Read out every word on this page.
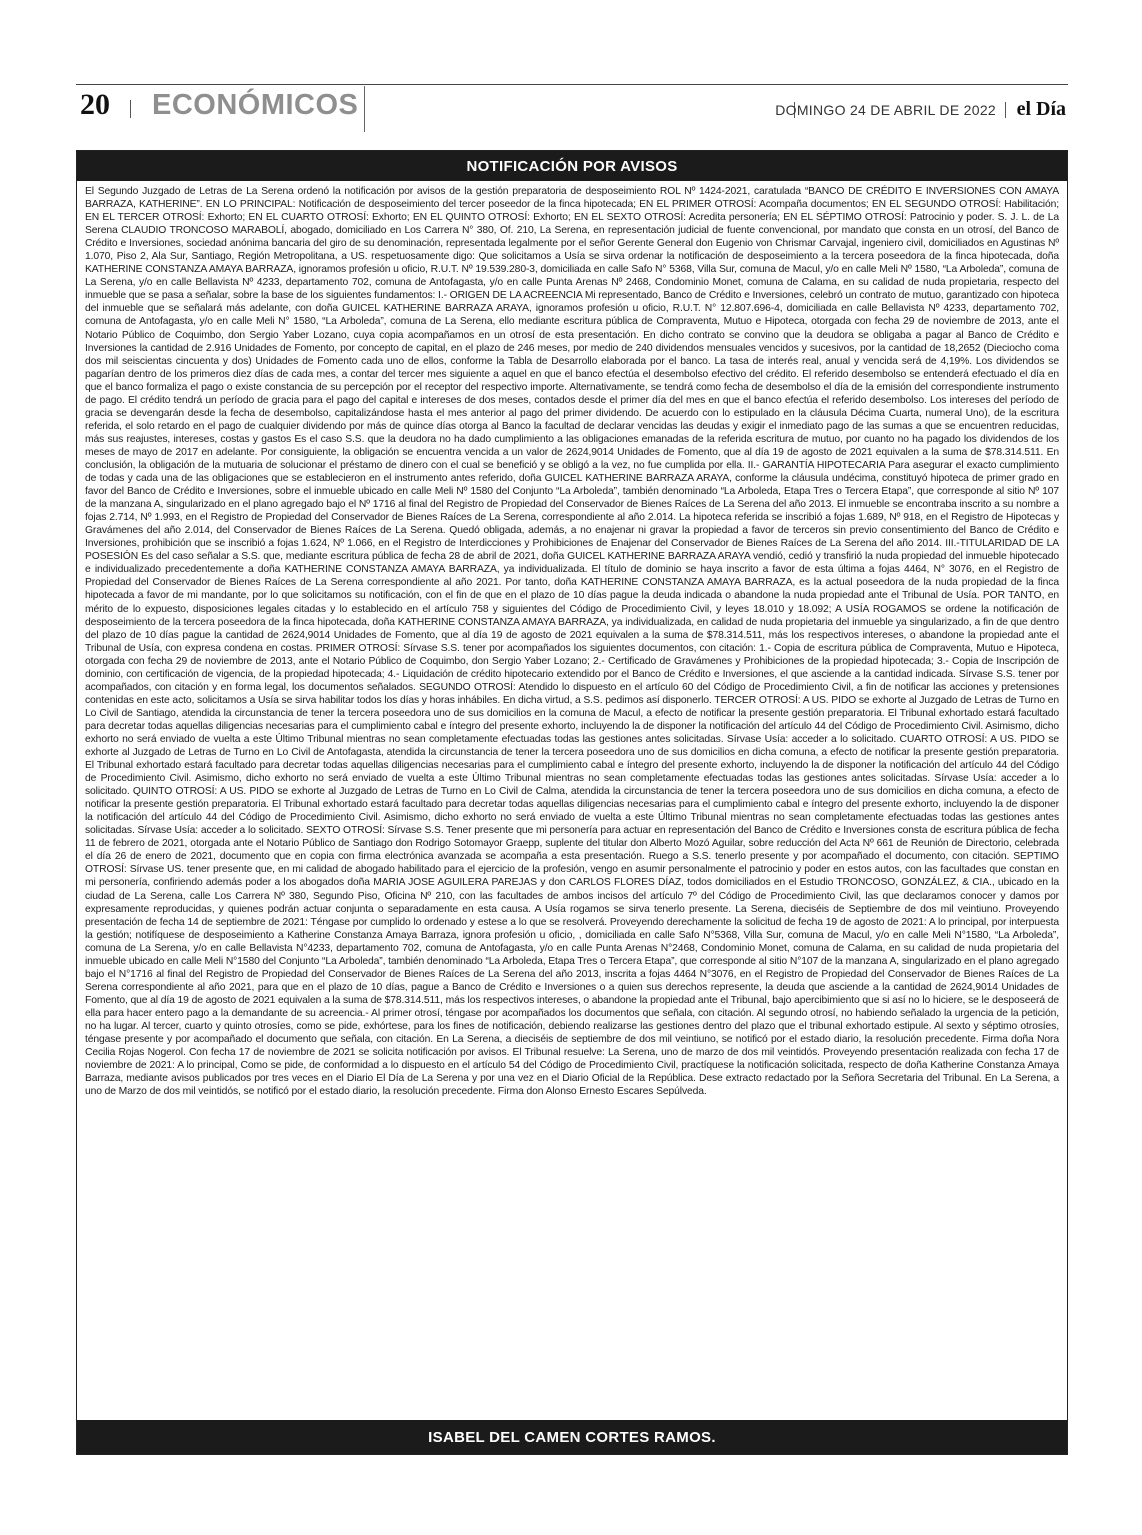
20 ECONÓMICOS	DOMINGO 24 DE ABRIL DE 2022 el Día
NOTIFICACIÓN POR AVISOS
El Segundo Juzgado de Letras de La Serena ordenó la notificación por avisos de la gestión preparatoria de desposeimiento ROL Nº 1424-2021, caratulada “BANCO DE CRÉDITO E INVERSIONES CON AMAYA BARRAZA, KATHERINE”. EN LO PRINCIPAL: Notificación de desposeimiento del tercer poseedor de la finca hipotecada; EN EL PRIMER OTROSÍ: Acompaña documentos; EN EL SEGUNDO OTROSÍ: Habilitación; EN EL TERCER OTROSÍ: Exhorto; EN EL CUARTO OTROSÍ: Exhorto; EN EL QUINTO OTROSÍ: Exhorto; EN EL SEXTO OTROSÍ: Acredita personería; EN EL SÉPTIMO OTROSÍ: Patrocinio y poder. S. J. L. de La Serena CLAUDIO TRONCOSO MARABOLÍ, abogado, domiciliado en Los Carrera N° 380, Of. 210, La Serena, en representación judicial de fuente convencional, por mandato que consta en un otrosí, del Banco de Crédito e Inversiones, sociedad anónima bancaria del giro de su denominación, representada legalmente por el señor Gerente General don Eugenio von Chrismar Carvajal, ingeniero civil, domiciliados en Agustinas Nº 1.070, Piso 2, Ala Sur, Santiago, Región Metropolitana, a US. respetuosamente digo: Que solicitamos a Usía se sirva ordenar la notificación de desposeimiento a la tercera poseedora de la finca hipotecada, doña KATHERINE CONSTANZA AMAYA BARRAZA, ignoramos profesión u oficio, R.U.T. Nº 19.539.280-3, domiciliada en calle Safo N° 5368, Villa Sur, comuna de Macul, y/o en calle Meli Nº 1580, “La Arboleda”, comuna de La Serena, y/o en calle Bellavista Nº 4233, departamento 702, comuna de Antofagasta, y/o en calle Punta Arenas Nº 2468, Condominio Monet, comuna de Calama, en su calidad de nuda propietaria, respecto del inmueble que se pasa a señalar, sobre la base de los siguientes fundamentos: I.- ORIGEN DE LA ACREENCIA Mi representado, Banco de Crédito e Inversiones, celebró un contrato de mutuo, garantizado con hipoteca del inmueble que se señalará más adelante, con doña GUICEL KATHERINE BARRAZA ARAYA, ignoramos profesión u oficio, R.U.T. N° 12.807.696-4, domiciliada en calle Bellavista Nº 4233, departamento 702, comuna de Antofagasta, y/o en calle Meli N° 1580, “La Arboleda”, comuna de La Serena, ello mediante escritura pública de Compraventa, Mutuo e Hipoteca, otorgada con fecha 29 de noviembre de 2013, ante el Notario Público de Coquimbo, don Sergio Yaber Lozano, cuya copia acompañamos en un otrosí de esta presentación. En dicho contrato se convino que la deudora se obligaba a pagar al Banco de Crédito e Inversiones la cantidad de 2.916 Unidades de Fomento, por concepto de capital, en el plazo de 246 meses, por medio de 240 dividendos mensuales vencidos y sucesivos, por la cantidad de 18,2652 (Dieciocho coma dos mil seiscientas cincuenta y dos) Unidades de Fomento cada uno de ellos, conforme la Tabla de Desarrollo elaborada por el banco. La tasa de interés real, anual y vencida será de 4,19%. Los dividendos se pagarían dentro de los primeros diez días de cada mes, a contar del tercer mes siguiente a aquel en que el banco efectúa el desembolso efectivo del crédito. El referido desembolso se entenderá efectuado el día en que el banco formaliza el pago o existe constancia de su percepción por el receptor del respectivo importe. Alternativamente, se tendrá como fecha de desembolso el día de la emisión del correspondiente instrumento de pago. El crédito tendrá un período de gracia para el pago del capital e intereses de dos meses, contados desde el primer día del mes en que el banco efectúa el referido desembolso. Los intereses del período de gracia se devengarán desde la fecha de desembolso, capitalizándose hasta el mes anterior al pago del primer dividendo. De acuerdo con lo estipulado en la cláusula Décima Cuarta, numeral Uno), de la escritura referida, el solo retardo en el pago de cualquier dividendo por más de quince días otorga al Banco la facultad de declarar vencidas las deudas y exigir el inmediato pago de las sumas a que se encuentren reducidas, más sus reajustes, intereses, costas y gastos Es el caso S.S. que la deudora no ha dado cumplimiento a las obligaciones emanadas de la referida escritura de mutuo, por cuanto no ha pagado los dividendos de los meses de mayo de 2017 en adelante. Por consiguiente, la obligación se encuentra vencida a un valor de 2624,9014 Unidades de Fomento, que al día 19 de agosto de 2021 equivalen a la suma de $78.314.511. En conclusión, la obligación de la mutuaria de solucionar el préstamo de dinero con el cual se benefició y se obligó a la vez, no fue cumplida por ella. II.- GARANTÍA HIPOTECARIA Para asegurar el exacto cumplimiento de todas y cada una de las obligaciones que se establecieron en el instrumento antes referido, doña GUICEL KATHERINE BARRAZA ARAYA, conforme la cláusula undécima, constituyó hipoteca de primer grado en favor del Banco de Crédito e Inversiones, sobre el inmueble ubicado en calle Meli Nº 1580 del Conjunto “La Arboleda”, también denominado “La Arboleda, Etapa Tres o Tercera Etapa”, que corresponde al sitio Nº 107 de la manzana A, singularizado en el plano agregado bajo el Nº 1716 al final del Registro de Propiedad del Conservador de Bienes Raíces de La Serena del año 2013. El inmueble se encontraba inscrito a su nombre a fojas 2.714, Nº 1.993, en el Registro de Propiedad del Conservador de Bienes Raíces de La Serena, correspondiente al año 2.014. La hipoteca referida se inscribió a fojas 1.689, Nº 918, en el Registro de Hipotecas y Gravámenes del año 2.014, del Conservador de Bienes Raíces de La Serena. Quedó obligada, además, a no enajenar ni gravar la propiedad a favor de terceros sin previo consentimiento del Banco de Crédito e Inversiones, prohibición que se inscribió a fojas 1.624, Nº 1.066, en el Registro de Interdicciones y Prohibiciones de Enajenar del Conservador de Bienes Raíces de La Serena del año 2014. III.-TITULARIDAD DE LA POSESIÓN Es del caso señalar a S.S. que, mediante escritura pública de fecha 28 de abril de 2021, doña GUICEL KATHERINE BARRAZA ARAYA vendió, cedió y transfirió la nuda propiedad del inmueble hipotecado e individualizado precedentemente a doña KATHERINE CONSTANZA AMAYA BARRAZA, ya individualizada. El título de dominio se haya inscrito a favor de esta última a fojas 4464, N° 3076, en el Registro de Propiedad del Conservador de Bienes Raíces de La Serena correspondiente al año 2021. Por tanto, doña KATHERINE CONSTANZA AMAYA BARRAZA, es la actual poseedora de la nuda propiedad de la finca hipotecada a favor de mi mandante, por lo que solicitamos su notificación, con el fin de que en el plazo de 10 días pague la deuda indicada o abandone la nuda propiedad ante el Tribunal de Usía. POR TANTO, en mérito de lo expuesto, disposiciones legales citadas y lo establecido en el artículo 758 y siguientes del Código de Procedimiento Civil, y leyes 18.010 y 18.092; A USÍA ROGAMOS se ordene la notificación de desposeimiento de la tercera poseedora de la finca hipotecada, doña KATHERINE CONSTANZA AMAYA BARRAZA, ya individualizada, en calidad de nuda propietaria del inmueble ya singularizado, a fin de que dentro del plazo de 10 días pague la cantidad de 2624,9014 Unidades de Fomento, que al día 19 de agosto de 2021 equivalen a la suma de $78.314.511, más los respectivos intereses, o abandone la propiedad ante el Tribunal de Usía, con expresa condena en costas. PRIMER OTROSÍ: Sírvase S.S. tener por acompañados los siguientes documentos, con citación: 1.- Copia de escritura pública de Compraventa, Mutuo e Hipoteca, otorgada con fecha 29 de noviembre de 2013, ante el Notario Público de Coquimbo, don Sergio Yaber Lozano; 2.- Certificado de Gravámenes y Prohibiciones de la propiedad hipotecada; 3.- Copia de Inscripción de dominio, con certificación de vigencia, de la propiedad hipotecada; 4.- Liquidación de crédito hipotecario extendido por el Banco de Crédito e Inversiones, el que asciende a la cantidad indicada. Sírvase S.S. tener por acompañados, con citación y en forma legal, los documentos señalados. SEGUNDO OTROSÍ: Atendido lo dispuesto en el artículo 60 del Código de Procedimiento Civil, a fin de notificar las acciones y pretensiones contenidas en este acto, solicitamos a Usía se sirva habilitar todos los días y horas inhábiles. En dicha virtud, a S.S. pedimos así disponerlo. TERCER OTROSÍ: A US. PIDO se exhorte al Juzgado de Letras de Turno en Lo Civil de Santiago, atendida la circunstancia de tener la tercera poseedora uno de sus domicilios en la comuna de Macul, a efecto de notificar la presente gestión preparatoria. El Tribunal exhortado estará facultado para decretar todas aquellas diligencias necesarias para el cumplimiento cabal e íntegro del presente exhorto, incluyendo la de disponer la notificación del artículo 44 del Código de Procedimiento Civil. Asimismo, dicho exhorto no será enviado de vuelta a este Último Tribunal mientras no sean completamente efectuadas todas las gestiones antes solicitadas. Sírvase Usía: acceder a lo solicitado. CUARTO OTROSÍ: A US. PIDO se exhorte al Juzgado de Letras de Turno en Lo Civil de Antofagasta, atendida la circunstancia de tener la tercera poseedora uno de sus domicilios en dicha comuna, a efecto de notificar la presente gestión preparatoria. El Tribunal exhortado estará facultado para decretar todas aquellas diligencias necesarias para el cumplimiento cabal e íntegro del presente exhorto, incluyendo la de disponer la notificación del artículo 44 del Código de Procedimiento Civil. Asimismo, dicho exhorto no será enviado de vuelta a este Último Tribunal mientras no sean completamente efectuadas todas las gestiones antes solicitadas. Sírvase Usía: acceder a lo solicitado. QUINTO OTROSÍ: A US. PIDO se exhorte al Juzgado de Letras de Turno en Lo Civil de Calma, atendida la circunstancia de tener la tercera poseedora uno de sus domicilios en dicha comuna, a efecto de notificar la presente gestión preparatoria. El Tribunal exhortado estará facultado para decretar todas aquellas diligencias necesarias para el cumplimiento cabal e íntegro del presente exhorto, incluyendo la de disponer la notificación del artículo 44 del Código de Procedimiento Civil. Asimismo, dicho exhorto no será enviado de vuelta a este Último Tribunal mientras no sean completamente efectuadas todas las gestiones antes solicitadas. Sírvase Usía: acceder a lo solicitado. SEXTO OTROSÍ: Sírvase S.S. Tener presente que mi personería para actuar en representación del Banco de Crédito e Inversiones consta de escritura pública de fecha 11 de febrero de 2021, otorgada ante el Notario Público de Santiago don Rodrigo Sotomayor Graepp, suplente del titular don Alberto Mozó Aguilar, sobre reducción del Acta Nº 661 de Reunión de Directorio, celebrada el día 26 de enero de 2021, documento que en copia con firma electrónica avanzada se acompaña a esta presentación. Ruego a S.S. tenerlo presente y por acompañado el documento, con citación. SEPTIMO OTROSÍ: Sírvase US. tener presente que, en mi calidad de abogado habilitado para el ejercicio de la profesión, vengo en asumir personalmente el patrocinio y poder en estos autos, con las facultades que constan en mi personería, confiriendo además poder a los abogados doña MARIA JOSE AGUILERA PAREJAS y don CARLOS FLORES DÍAZ, todos domiciliados en el Estudio TRONCOSO, GONZÁLEZ, & CIA., ubicado en la ciudad de La Serena, calle Los Carrera Nº 380, Segundo Piso, Oficina Nº 210, con las facultades de ambos incisos del artículo 7º del Código de Procedimiento Civil, las que declaramos conocer y damos por expresamente reproducidas, y quienes podrán actuar conjunta o separadamente en esta causa. A Usía rogamos se sirva tenerlo presente. La Serena, dieciséis de Septiembre de dos mil veintiuno. Proveyendo presentación de fecha 14 de septiembre de 2021: Téngase por cumplido lo ordenado y estese a lo que se resolverá. Proveyendo derechamente la solicitud de fecha 19 de agosto de 2021: A lo principal, por interpuesta la gestión; notifíquese de desposeimiento a Katherine Constanza Amaya Barraza, ignora profesión u oficio, , domiciliada en calle Safo N°5368, Villa Sur, comuna de Macul, y/o en calle Meli N°1580, “La Arboleda”, comuna de La Serena, y/o en calle Bellavista N°4233, departamento 702, comuna de Antofagasta, y/o en calle Punta Arenas N°2468, Condominio Monet, comuna de Calama, en su calidad de nuda propietaria del inmueble ubicado en calle Meli N°1580 del Conjunto “La Arboleda”, también denominado “La Arboleda, Etapa Tres o Tercera Etapa”, que corresponde al sitio N°107 de la manzana A, singularizado en el plano agregado bajo el N°1716 al final del Registro de Propiedad del Conservador de Bienes Raíces de La Serena del año 2013, inscrita a fojas 4464 N°3076, en el Registro de Propiedad del Conservador de Bienes Raíces de La Serena correspondiente al año 2021, para que en el plazo de 10 días, pague a Banco de Crédito e Inversiones o a quien sus derechos represente, la deuda que asciende a la cantidad de 2624,9014 Unidades de Fomento, que al día 19 de agosto de 2021 equivalen a la suma de $78.314.511, más los respectivos intereses, o abandone la propiedad ante el Tribunal, bajo apercibimiento que si así no lo hiciere, se le desposeerá de ella para hacer entero pago a la demandante de su acreencia.- Al primer otrosí, téngase por acompañados los documentos que señala, con citación. Al segundo otrosí, no habiendo señalado la urgencia de la petición, no ha lugar. Al tercer, cuarto y quinto otrosíes, como se pide, exhórtese, para los fines de notificación, debiendo realizarse las gestiones dentro del plazo que el tribunal exhortado estipule. Al sexto y séptimo otrosíes, téngase presente y por acompañado el documento que señala, con citación. En La Serena, a dieciséis de septiembre de dos mil veintiuno, se notificó por el estado diario, la resolución precedente. Firma doña Nora Cecilia Rojas Nogerol. Con fecha 17 de noviembre de 2021 se solicita notificación por avisos. El Tribunal resuelve: La Serena, uno de marzo de dos mil veintidós. Proveyendo presentación realizada con fecha 17 de noviembre de 2021: A lo principal, Como se pide, de conformidad a lo dispuesto en el artículo 54 del Código de Procedimiento Civil, practíquese la notificación solicitada, respecto de doña Katherine Constanza Amaya Barraza, mediante avisos publicados por tres veces en el Diario El Día de La Serena y por una vez en el Diario Oficial de la República. Dese extracto redactado por la Señora Secretaria del Tribunal. En La Serena, a uno de Marzo de dos mil veintidós, se notificó por el estado diario, la resolución precedente. Firma don Alonso Ernesto Escares Sepúlveda.
ISABEL DEL CAMEN CORTES RAMOS.
